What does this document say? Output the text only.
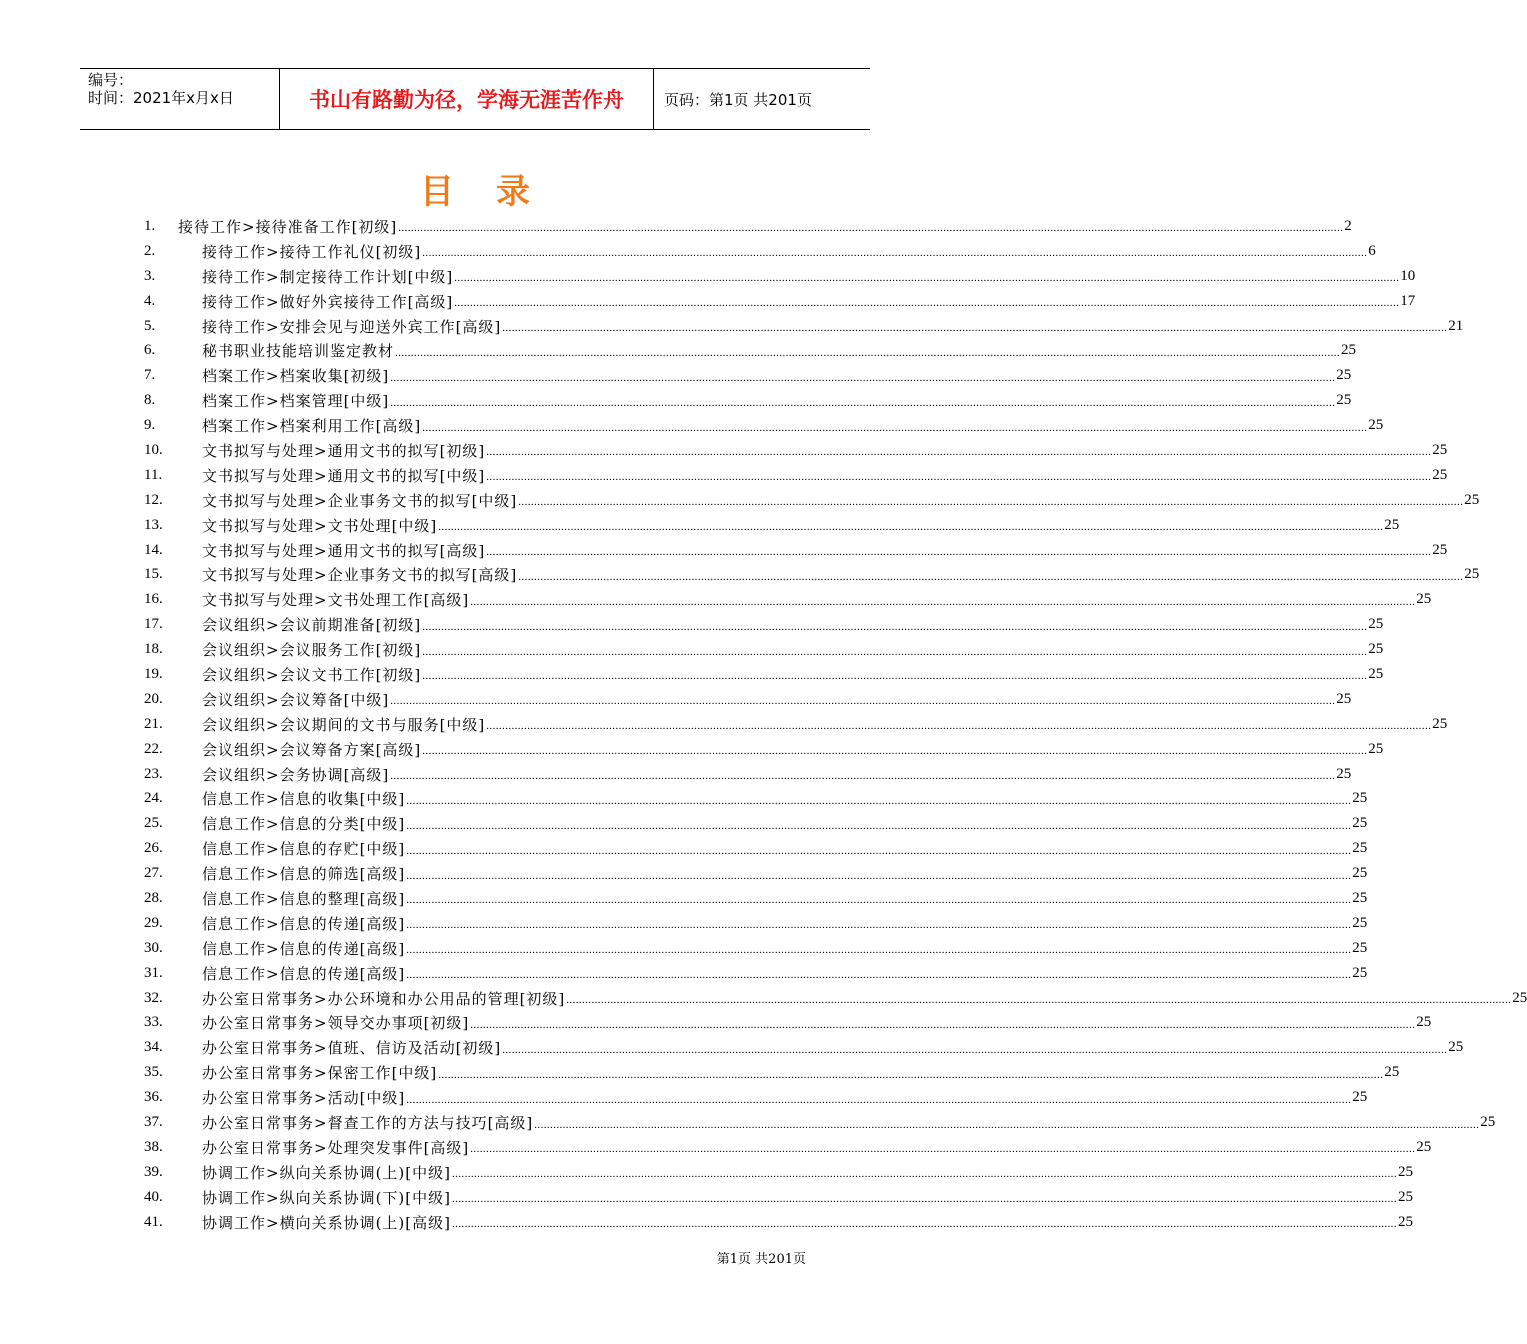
编号：
时间：2021年x月x日	书山有路勤为径，学海无涯苦作舟	页码：第1页 共201页
目录
1.	接待工作>接待准备工作[初级] ............................................................................................................................................................................................................................................................................................................ 2
2.	接待工作>接待工作礼仪[初级] ............................................................................................................................................................................................................................................................................................................ 6
3.	接待工作>制定接待工作计划[中级] ............................................................................................................................................................................................................................................................................................................ 10
4.	接待工作>做好外宾接待工作[高级] ............................................................................................................................................................................................................................................................................................................ 17
5.	接待工作>安排会见与迎送外宾工作[高级] ............................................................................................................................................................................................................................................................................................................ 21
6.	秘书职业技能培训鉴定教材 ............................................................................................................................................................................................................................................................................................................ 25
7.	档案工作>档案收集[初级] ............................................................................................................................................................................................................................................................................................................ 25
8.	档案工作>档案管理[中级] ............................................................................................................................................................................................................................................................................................................ 25
9.	档案工作>档案利用工作[高级] ............................................................................................................................................................................................................................................................................................................ 25
10.	文书拟写与处理>通用文书的拟写[初级] ............................................................................................................................................................................................................................................................................................................ 25
11.	文书拟写与处理>通用文书的拟写[中级] ............................................................................................................................................................................................................................................................................................................ 25
12.	文书拟写与处理>企业事务文书的拟写[中级] ............................................................................................................................................................................................................................................................................................................ 25
13.	文书拟写与处理>文书处理[中级] ............................................................................................................................................................................................................................................................................................................ 25
14.	文书拟写与处理>通用文书的拟写[高级] ............................................................................................................................................................................................................................................................................................................ 25
15.	文书拟写与处理>企业事务文书的拟写[高级] ............................................................................................................................................................................................................................................................................................................ 25
16.	文书拟写与处理>文书处理工作[高级] ............................................................................................................................................................................................................................................................................................................ 25
17.	会议组织>会议前期准备[初级] ............................................................................................................................................................................................................................................................................................................ 25
18.	会议组织>会议服务工作[初级] ............................................................................................................................................................................................................................................................................................................ 25
19.	会议组织>会议文书工作[初级] ............................................................................................................................................................................................................................................................................................................ 25
20.	会议组织>会议筹备[中级] ............................................................................................................................................................................................................................................................................................................ 25
21.	会议组织>会议期间的文书与服务[中级] ............................................................................................................................................................................................................................................................................................................ 25
22.	会议组织>会议筹备方案[高级] ............................................................................................................................................................................................................................................................................................................ 25
23.	会议组织>会务协调[高级] ............................................................................................................................................................................................................................................................................................................ 25
24.	信息工作>信息的收集[中级] ............................................................................................................................................................................................................................................................................................................ 25
25.	信息工作>信息的分类[中级] ............................................................................................................................................................................................................................................................................................................ 25
26.	信息工作>信息的存贮[中级] ............................................................................................................................................................................................................................................................................................................ 25
27.	信息工作>信息的筛选[高级] ............................................................................................................................................................................................................................................................................................................ 25
28.	信息工作>信息的整理[高级] ............................................................................................................................................................................................................................................................................................................ 25
29.	信息工作>信息的传递[高级] ............................................................................................................................................................................................................................................................................................................ 25
30.	信息工作>信息的传递[高级] ............................................................................................................................................................................................................................................................................................................ 25
31.	信息工作>信息的传递[高级] ............................................................................................................................................................................................................................................................................................................ 25
32.	办公室日常事务>办公环境和办公用品的管理[初级] ............................................................................................................................................................................................................................................................................................................ 25
33.	办公室日常事务>领导交办事项[初级] ............................................................................................................................................................................................................................................................................................................ 25
34.	办公室日常事务>值班、信访及活动[初级] ............................................................................................................................................................................................................................................................................................................ 25
35.	办公室日常事务>保密工作[中级] ............................................................................................................................................................................................................................................................................................................ 25
36.	办公室日常事务>活动[中级] ............................................................................................................................................................................................................................................................................................................ 25
37.	办公室日常事务>督查工作的方法与技巧[高级] ............................................................................................................................................................................................................................................................................................................ 25
38.	办公室日常事务>处理突发事件[高级] ............................................................................................................................................................................................................................................................................................................ 25
39.	协调工作>纵向关系协调(上)[中级] ............................................................................................................................................................................................................................................................................................................ 25
40.	协调工作>纵向关系协调(下)[中级] ............................................................................................................................................................................................................................................................................................................ 25
41.	协调工作>横向关系协调(上)[高级] ............................................................................................................................................................................................................................................................................................................ 25
第1页 共201页
